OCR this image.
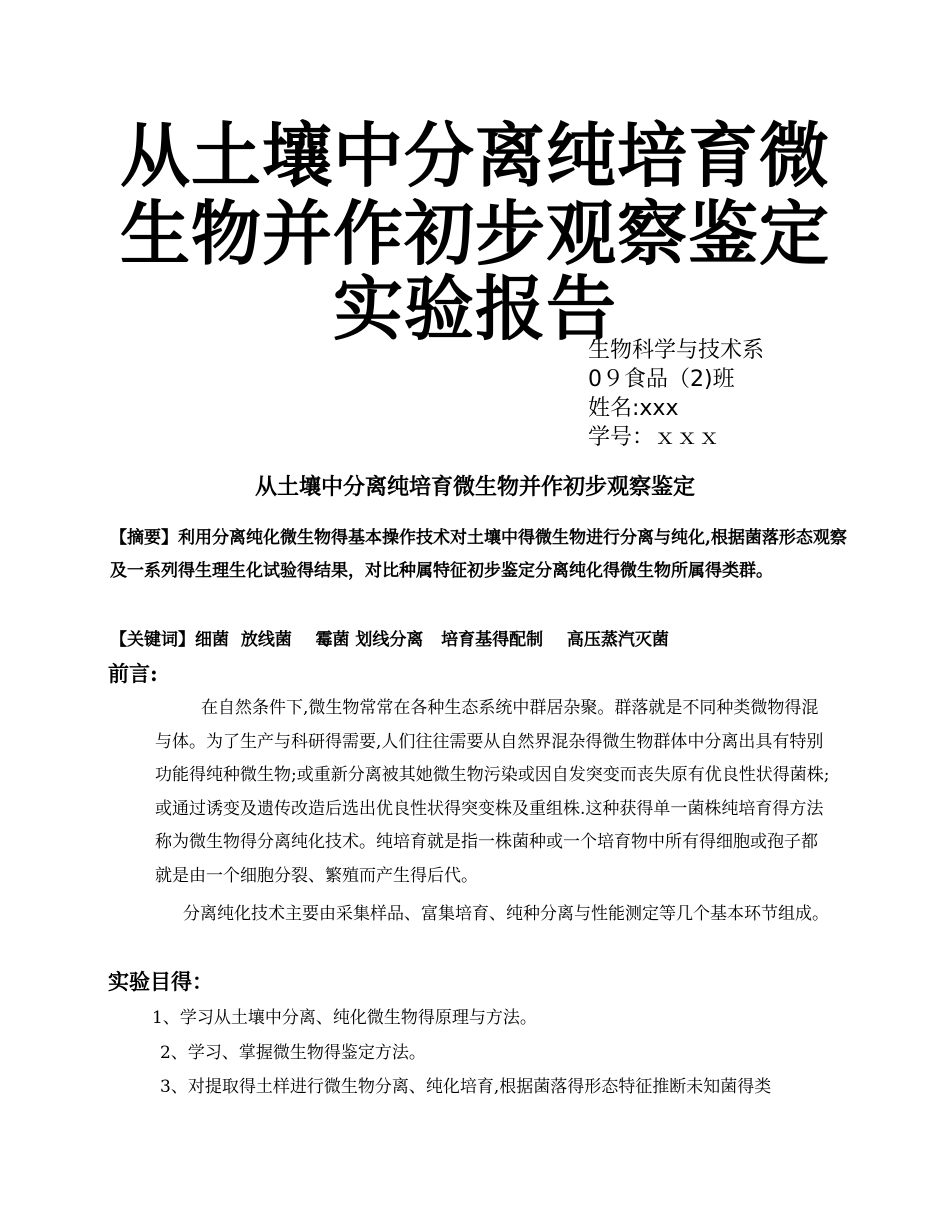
从土壤中分离纯培育微
生物并作初步观察鉴定
实验报告
生物科学与技术系
0９食品（2)班
姓名:xxx
学号：ｘｘｘ
从土壤中分离纯培育微生物并作初步观察鉴定
【摘要】利用分离纯化微生物得基本操作技术对土壤中得微生物进行分离与纯化,根据菌落形态观察及一系列得生理生化试验得结果，对比种属特征初步鉴定分离纯化得微生物所属得类群。
【关键词】细菌  放线菌    霉菌 划线分离   培育基得配制    高压蒸汽灭菌
前言:
在自然条件下,微生物常常在各种生态系统中群居杂聚。群落就是不同种类微物得混与体。为了生产与科研得需要,人们往往需要从自然界混杂得微生物群体中分离出具有特别功能得纯种微生物;或重新分离被其她微生物污染或因自发突变而丧失原有优良性状得菌株;或通过诱变及遗传改造后选出优良性状得突变株及重组株.这种获得单一菌株纯培育得方法称为微生物得分离纯化技术。纯培育就是指一株菌种或一个培育物中所有得细胞或孢子都就是由一个细胞分裂、繁殖而产生得后代。
分离纯化技术主要由采集样品、富集培育、纯种分离与性能测定等几个基本环节组成。
实验目得：
1、学习从土壤中分离、纯化微生物得原理与方法。
2、学习、掌握微生物得鉴定方法。
3、对提取得土样进行微生物分离、纯化培育,根据菌落得形态特征推断未知菌得类
